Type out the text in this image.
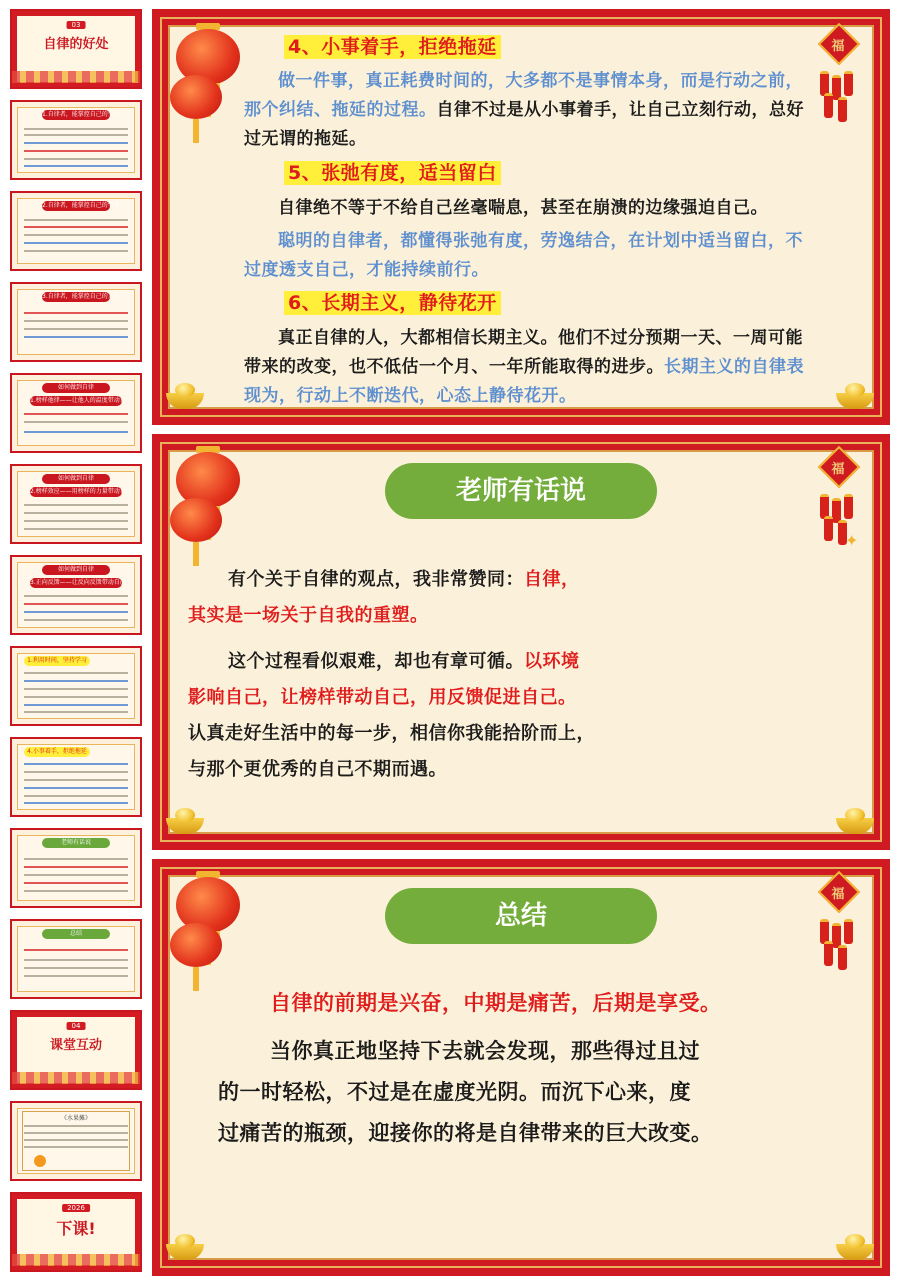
03
自律的好处
1.自律者，能掌控自己的生活
2.自律者，能掌控自己的学业
3.自律者，能掌控自己的人生
如何做到自律
1.榜样他律——让他人的温度带动自己
如何做到自律
2.榜样效应——用榜样的力量带动自己
如何做到自律
3.正向反馈——让反向反馈带动自己
1.利用时间，坚持学习
4.小事着手，拒绝拖延
老师有话说
总结
04
课堂互动
《水果摊》
2026
下课!
福
4、小事着手，拒绝拖延
做一件事，真正耗费时间的，大多都不是事情本身，而是行动之前，那个纠结、拖延的过程。自律不过是从小事着手，让自己立刻行动，总好过无谓的拖延。
5、张弛有度，适当留白
自律绝不等于不给自己丝毫喘息，甚至在崩溃的边缘强迫自己。
聪明的自律者，都懂得张弛有度，劳逸结合，在计划中适当留白，不过度透支自己，才能持续前行。
6、长期主义，静待花开
真正自律的人，大都相信长期主义。他们不过分预期一天、一周可能带来的改变，也不低估一个月、一年所能取得的进步。长期主义的自律表现为，行动上不断迭代，心态上静待花开。
福
✦
老师有话说
有个关于自律的观点，我非常赞同：自律，
其实是一场关于自我的重塑。
这个过程看似艰难，却也有章可循。以环境
影响自己，让榜样带动自己，用反馈促进自己。
认真走好生活中的每一步，相信你我能拾阶而上，
与那个更优秀的自己不期而遇。
福
总结
自律的前期是兴奋，中期是痛苦，后期是享受。
当你真正地坚持下去就会发现，那些得过且过
的一时轻松，不过是在虚度光阴。而沉下心来，度
过痛苦的瓶颈，迎接你的将是自律带来的巨大改变。
